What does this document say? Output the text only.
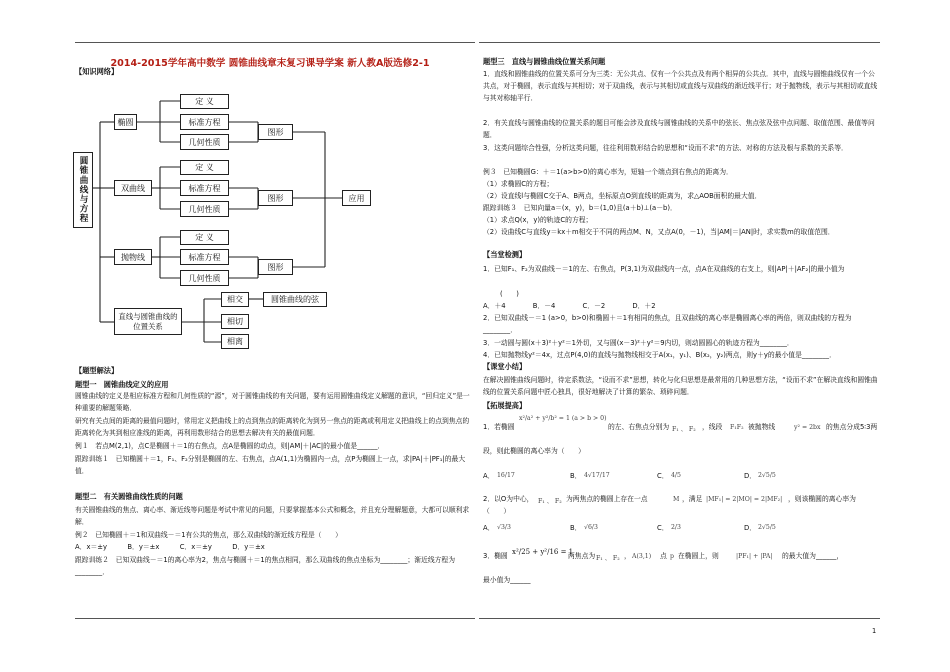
2014-2015学年高中数学 圆锥曲线章末复习课导学案 新人教A版选修2-1
【知识网络】
圆锥曲线与方程
椭圆
双曲线
抛物线
直线与圆锥曲线的位置关系
定 义
标准方程
几何性质
定 义
标准方程
几何性质
定 义
标准方程
几何性质
图形
图形
图形
应用
相交
相切
相离
圆锥曲线的弦
【题型解法】
题型一　圆锥曲线定义的应用

圆锥曲线的定义是相应标准方程和几何性质的“源”，对于圆锥曲线的有关问题，要有运用圆锥曲线定义解题的意识，“回归定义”是一种重要的解题策略．

研究有关点间的距离的最值问题时，常用定义把曲线上的点到焦点的距离转化为到另一焦点的距离或利用定义把曲线上的点到焦点的距离转化为其到相应准线的距离，再利用数形结合的思想去解决有关的最值问题．

例１　若点M(2,1)，点C是椭圆＋＝1的右焦点，点A是椭圆的动点，则|AM|＋|AC|的最小值是______．

跟踪训练１　已知椭圆＋＝1，F₁、F₂分别是椭圆的左、右焦点，点A(1,1)为椭圆内一点，点P为椭圆上一点，求|PA|＋|PF₁|的最大值．

题型二　有关圆锥曲线性质的问题

有关圆锥曲线的焦点、离心率、渐近线等问题是考试中常见的问题，只要掌握基本公式和概念，并且充分理解题意，大都可以顺利求解．

例２　已知椭圆＋＝1和双曲线－＝1有公共的焦点，那么双曲线的渐近线方程是（　　）

A．x＝±y　　　B．y＝±x　　　C．x＝±y　　　D．y＝±x

跟踪训练２　已知双曲线－＝1的离心率为2，焦点与椭圆＋＝1的焦点相同，那么双曲线的焦点坐标为________；渐近线方程为________．

题型三　直线与圆锥曲线位置关系问题

1．直线和圆锥曲线的位置关系可分为三类：无公共点、仅有一个公共点及有两个相异的公共点．其中，直线与圆锥曲线仅有一个公共点，对于椭圆，表示直线与其相切；对于双曲线，表示与其相切或直线与双曲线的渐近线平行；对于抛物线，表示与其相切或直线与其对称轴平行．

2．有关直线与圆锥曲线的位置关系的题目可能会涉及直线与圆锥曲线的关系中的弦长、焦点弦及弦中点问题、取值范围、最值等问题．

3．这类问题综合性强，分析这类问题，往往利用数形结合的思想和“设而不求”的方法、对称的方法及根与系数的关系等．

例３　已知椭圆G：＋＝1(a>b>0)的离心率为，短轴一个端点到右焦点的距离为．

（1）求椭圆C的方程；

（2）设直线l与椭圆C交于A、B两点，坐标原点O到直线l的距离为，求△AOB面积的最大值．

跟踪训练３　已知向量a＝(x，y)，b＝(1,0)且(a＋b)⊥(a－b)．

（1）求点Q(x，y)的轨迹C的方程；

（2）设曲线C与直线y＝kx＋m相交于不同的两点M、N，又点A(0，－1)，当|AM|＝|AN|时，求实数m的取值范围．

【当堂检测】

1．已知F₁、F₂为双曲线－＝1的左、右焦点，P(3,1)为双曲线内一点，点A在双曲线的右支上，则|AP|＋|AF₂|的最小值为

(　　)

A．＋4　　　　B．－4　　　　C．－2　　　　D．＋2

2．已知双曲线－＝1 (a>0，b>0)和椭圆＋＝1有相同的焦点，且双曲线的离心率是椭圆离心率的两倍，则双曲线的方程为________．

3．一动圆与圆(x＋3)²＋y²＝1外切，又与圆(x－3)²＋y²＝9内切，则动圆圆心的轨迹方程为________．

4．已知抛物线y²＝4x，过点P(4,0)的直线与抛物线相交于A(x₁，y₁)、B(x₂，y₂)两点，则y＋y的最小值是________．

【课堂小结】

在解决圆锥曲线问题时，待定系数法，“设而不求”思想，转化与化归思想是最常用的几种思想方法，“设而不求”在解决直线和圆锥曲线的位置关系问题中匠心独具，很好地解决了计算的繁杂、琐碎问题．

【拓展提高】
1．若椭圆
x²/a² + y²/b² = 1 (a > b > 0)
的左、右焦点分别为 F₁ 、 F₂ ，线段 F₁F₂ 被抛物线	y² = 2bx 的焦点分成5∶3两
段，则此椭圆的离心率为（　　）
A． 16/17	B． 4√17/17	C． 4/5	D． 2√5/5
2．以O为中心， F₁ 、 F₂ 为两焦点的椭圆上存在一点	M ，满足 |MF₁| = 2|MO| = 2|MF₂| ，则该椭圆的离心率为
（　　）
A． √3/3	B． √6/3	C． 2/3	D． 2√5/5
3．椭圆 x²/25 + y²/16 = 1
两焦点为 F₁ 、 F₂ ， A(3,1) 点 p 在椭圆上，则	|PF₁| + |PA| 的最大值为______，
最小值为______
1
